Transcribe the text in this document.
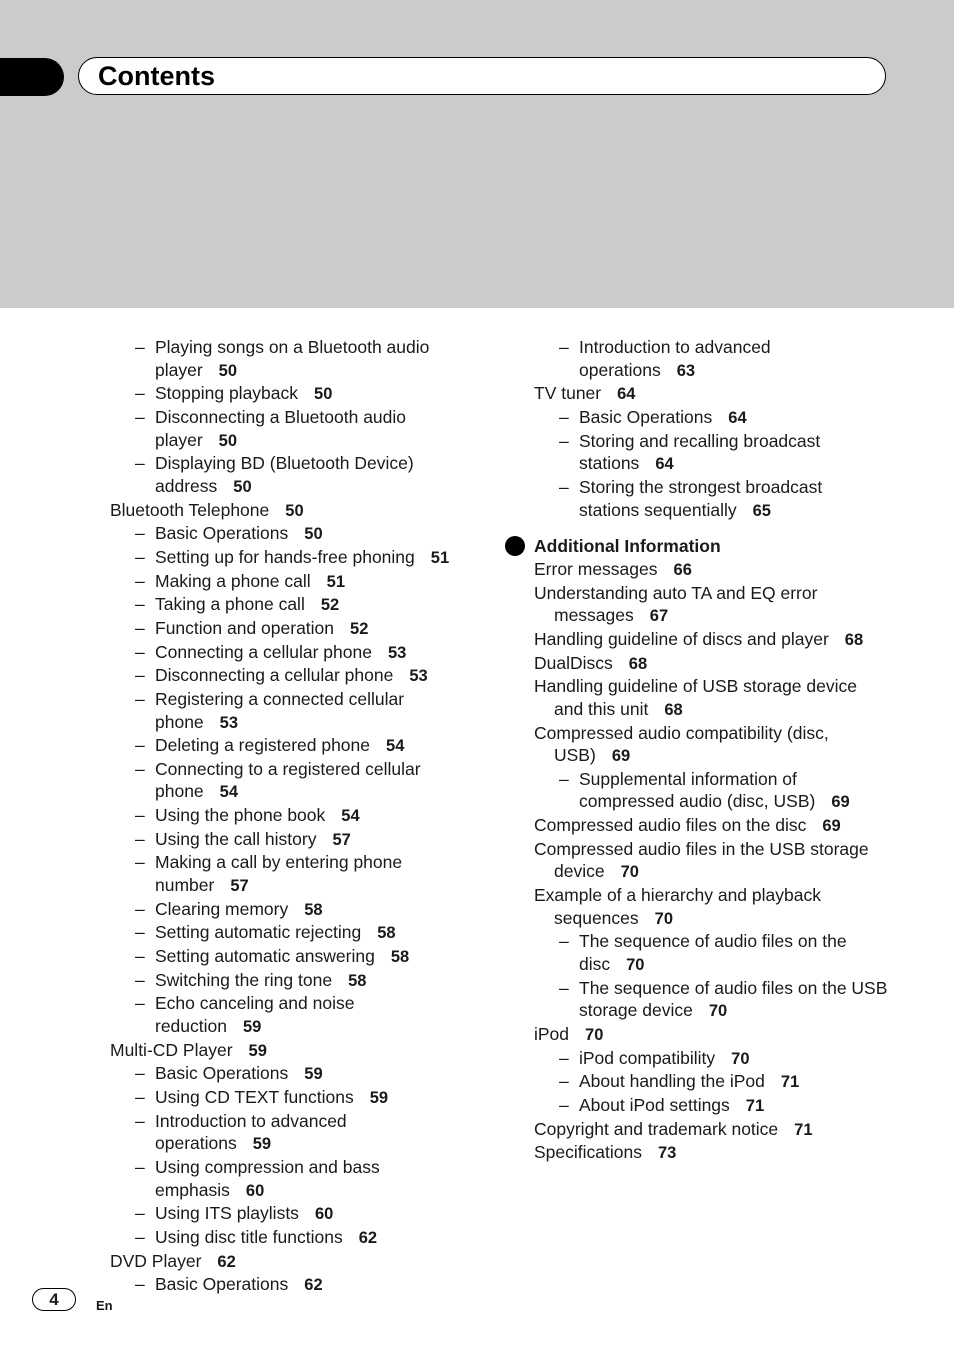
Contents
– Playing songs on a Bluetooth audio
player 50
– Stopping playback 50
– Disconnecting a Bluetooth audio
player 50
– Displaying BD (Bluetooth Device)
address 50
Bluetooth Telephone 50
– Basic Operations 50
– Setting up for hands-free phoning 51
– Making a phone call 51
– Taking a phone call 52
– Function and operation 52
– Connecting a cellular phone 53
– Disconnecting a cellular phone 53
– Registering a connected cellular
phone 53
– Deleting a registered phone 54
– Connecting to a registered cellular
phone 54
– Using the phone book 54
– Using the call history 57
– Making a call by entering phone
number 57
– Clearing memory 58
– Setting automatic rejecting 58
– Setting automatic answering 58
– Switching the ring tone 58
– Echo canceling and noise
reduction 59
Multi-CD Player 59
– Basic Operations 59
– Using CD TEXT functions 59
– Introduction to advanced
operations 59
– Using compression and bass
emphasis 60
– Using ITS playlists 60
– Using disc title functions 62
DVD Player 62
– Basic Operations 62
– Introduction to advanced
operations 63
TV tuner 64
– Basic Operations 64
– Storing and recalling broadcast
stations 64
– Storing the strongest broadcast
stations sequentially 65
Additional Information
Error messages 66
Understanding auto TA and EQ error
messages 67
Handling guideline of discs and player 68
DualDiscs 68
Handling guideline of USB storage device
and this unit 68
Compressed audio compatibility (disc,
USB) 69
– Supplemental information of
compressed audio (disc, USB) 69
Compressed audio files on the disc 69
Compressed audio files in the USB storage
device 70
Example of a hierarchy and playback
sequences 70
– The sequence of audio files on the
disc 70
– The sequence of audio files on the USB
storage device 70
iPod 70
– iPod compatibility 70
– About handling the iPod 71
– About iPod settings 71
Copyright and trademark notice 71
Specifications 73
4	En
